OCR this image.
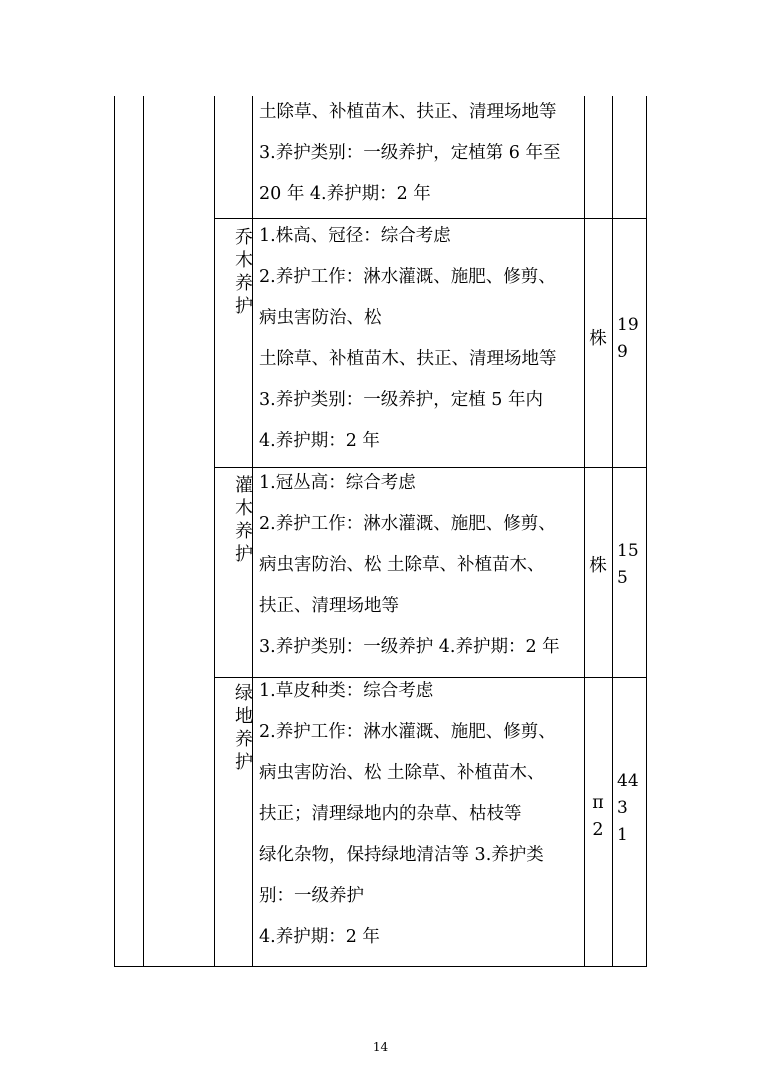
土除草、补植苗木、扶正、清理场地等
3.养护类别：一级养护，定植第 6 年至
20 年 4.养护期：2 年
乔
木
养
护
1.株高、冠径：综合考虑
2.养护工作：淋水灌溉、施肥、修剪、
病虫害防治、松
土除草、补植苗木、扶正、清理场地等
3.养护类别：一级养护，定植 5 年内
4.养护期：2 年
株
19
9
灌
木
养
护
1.冠丛高：综合考虑
2.养护工作：淋水灌溉、施肥、修剪、
病虫害防治、松 土除草、补植苗木、
扶正、清理场地等
3.养护类别：一级养护 4.养护期：2 年
株
15
5
绿
地
养
护
1.草皮种类：综合考虑
2.养护工作：淋水灌溉、施肥、修剪、
病虫害防治、松 土除草、补植苗木、
扶正；清理绿地内的杂草、枯枝等
绿化杂物，保持绿地清洁等 3.养护类
别：一级养护
4.养护期：2 年
π
2
44
3
1
14
